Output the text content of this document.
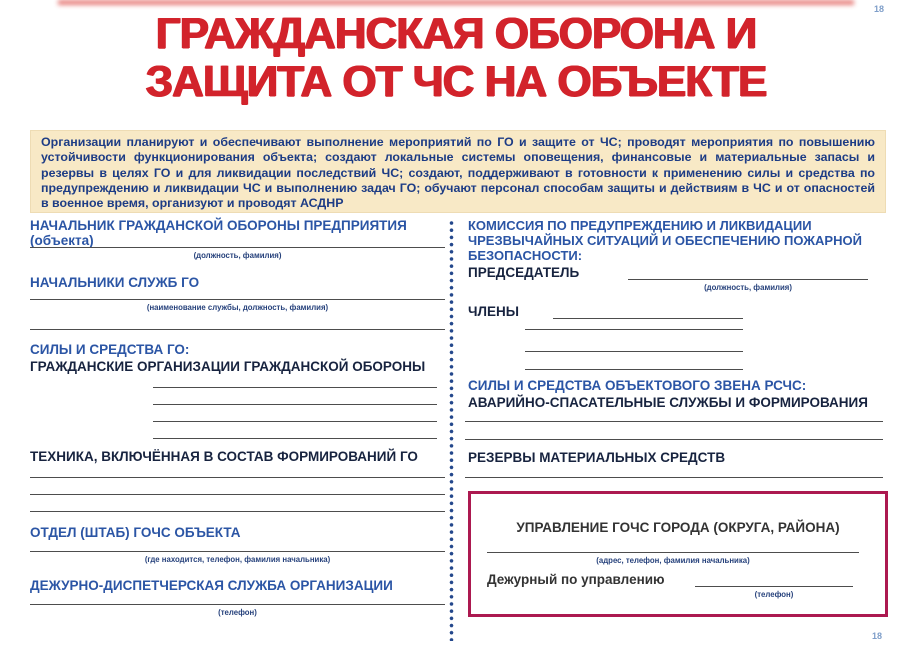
18
18
ГРАЖДАНСКАЯ ОБОРОНА И
ЗАЩИТА ОТ ЧС НА ОБЪЕКТЕ
Организации планируют и обеспечивают выполнение мероприятий по ГО и защите от ЧС; проводят мероприятия по повышению устойчивости функционирования объекта; создают локальные системы оповещения, финансовые и материальные запасы и резервы в целях ГО и для ликвидации последствий ЧС; создают, поддерживают в готовности к применению силы и средства по предупреждению и ликвидации ЧС и выполнению задач ГО; обучают персонал способам защиты и действиям в ЧС и от опасностей в военное время, организуют и проводят АСДНР
НАЧАЛЬНИК ГРАЖДАНСКОЙ ОБОРОНЫ ПРЕДПРИЯТИЯ (объекта)
(должность, фамилия)
НАЧАЛЬНИКИ СЛУЖБ ГО
(наименование службы, должность, фамилия)
СИЛЫ И СРЕДСТВА ГО:
ГРАЖДАНСКИЕ ОРГАНИЗАЦИИ ГРАЖДАНСКОЙ ОБОРОНЫ
ТЕХНИКА, ВКЛЮЧЁННАЯ В СОСТАВ ФОРМИРОВАНИЙ ГО
ОТДЕЛ (ШТАБ) ГОЧС ОБЪЕКТА
(где находится, телефон, фамилия начальника)
ДЕЖУРНО-ДИСПЕТЧЕРСКАЯ СЛУЖБА ОРГАНИЗАЦИИ
(телефон)
КОМИССИЯ ПО ПРЕДУПРЕЖДЕНИЮ И ЛИКВИДАЦИИ ЧРЕЗВЫЧАЙНЫХ СИТУАЦИЙ И ОБЕСПЕЧЕНИЮ ПОЖАРНОЙ БЕЗОПАСНОСТИ:
ПРЕДСЕДАТЕЛЬ
(должность, фамилия)
ЧЛЕНЫ
СИЛЫ И СРЕДСТВА ОБЪЕКТОВОГО ЗВЕНА РСЧС:
АВАРИЙНО-СПАСАТЕЛЬНЫЕ СЛУЖБЫ И ФОРМИРОВАНИЯ
РЕЗЕРВЫ МАТЕРИАЛЬНЫХ СРЕДСТВ
УПРАВЛЕНИЕ ГОЧС ГОРОДА (ОКРУГА, РАЙОНА)
(адрес, телефон, фамилия начальника)
Дежурный по управлению
(телефон)
